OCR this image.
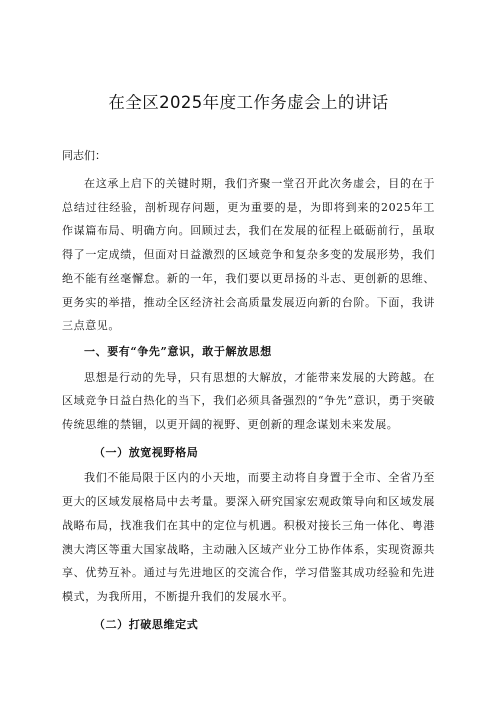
在全区2025年度工作务虚会上的讲话

同志们：

在这承上启下的关键时期，我们齐聚一堂召开此次务虚会，目的在于总结过往经验，剖析现存问题，更为重要的是，为即将到来的2025年工作谋篇布局、明确方向。回顾过去，我们在发展的征程上砥砺前行，虽取得了一定成绩，但面对日益激烈的区域竞争和复杂多变的发展形势，我们绝不能有丝毫懈怠。新的一年，我们要以更昂扬的斗志、更创新的思维、更务实的举措，推动全区经济社会高质量发展迈向新的台阶。下面，我讲三点意见。

一、要有“争先”意识，敢于解放思想

思想是行动的先导，只有思想的大解放，才能带来发展的大跨越。在区域竞争日益白热化的当下，我们必须具备强烈的“争先”意识，勇于突破传统思维的禁锢，以更开阔的视野、更创新的理念谋划未来发展。

（一）放宽视野格局

我们不能局限于区内的小天地，而要主动将自身置于全市、全省乃至更大的区域发展格局中去考量。要深入研究国家宏观政策导向和区域发展战略布局，找准我们在其中的定位与机遇。积极对接长三角一体化、粤港澳大湾区等重大国家战略，主动融入区域产业分工协作体系，实现资源共享、优势互补。通过与先进地区的交流合作，学习借鉴其成功经验和先进模式，为我所用，不断提升我们的发展水平。

（二）打破思维定式
